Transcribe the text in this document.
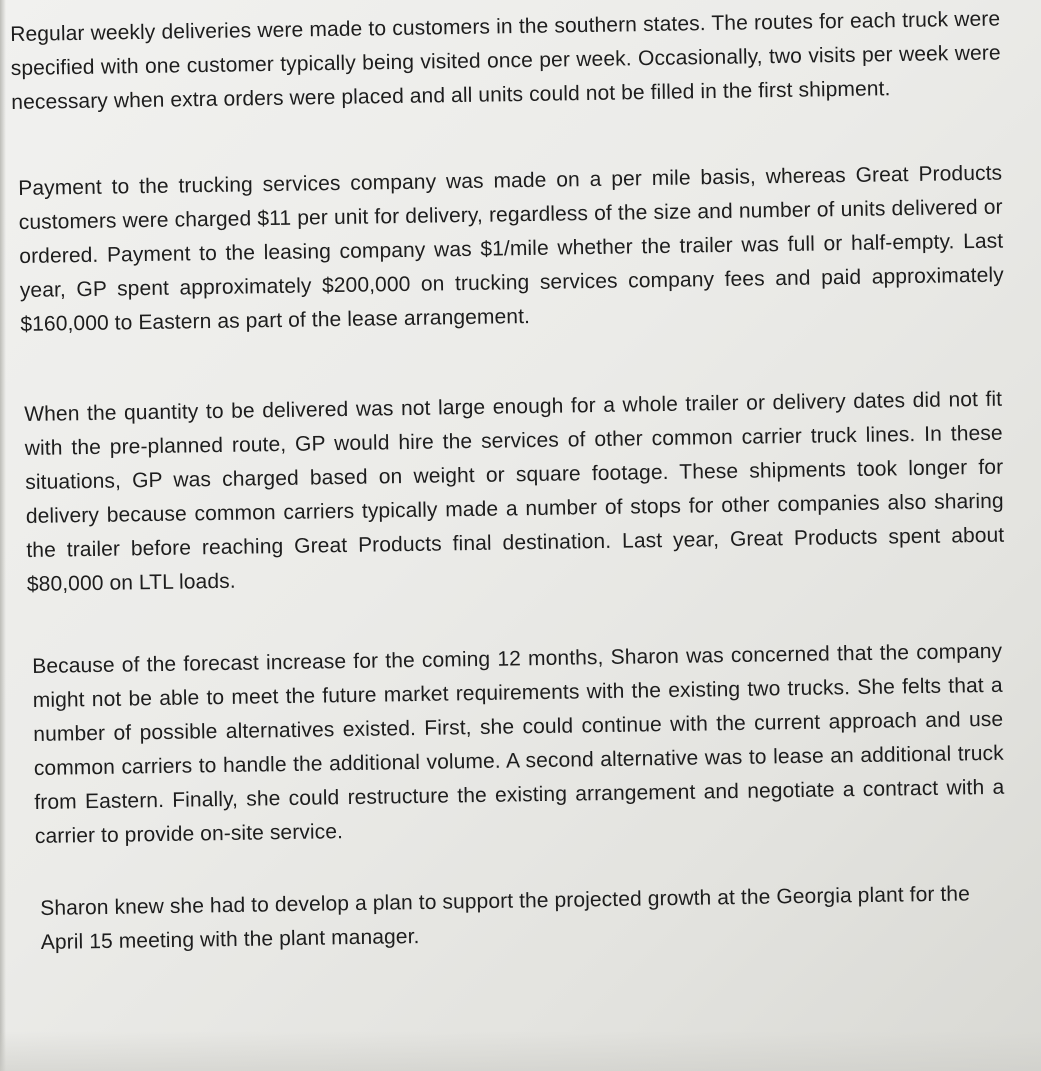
Regular weekly deliveries were made to customers in the southern states. The routes for each truck were specified with one customer typically being visited once per week. Occasionally, two visits per week were necessary when extra orders were placed and all units could not be filled in the first shipment.

Payment to the trucking services company was made on a per mile basis, whereas Great Products customers were charged $11 per unit for delivery, regardless of the size and number of units delivered or ordered. Payment to the leasing company was $1/mile whether the trailer was full or half-empty. Last year, GP spent approximately $200,000 on trucking services company fees and paid approximately $160,000 to Eastern as part of the lease arrangement.

When the quantity to be delivered was not large enough for a whole trailer or delivery dates did not fit with the pre-planned route, GP would hire the services of other common carrier truck lines. In these situations, GP was charged based on weight or square footage. These shipments took longer for delivery because common carriers typically made a number of stops for other companies also sharing the trailer before reaching Great Products final destination. Last year, Great Products spent about $80,000 on LTL loads.

Because of the forecast increase for the coming 12 months, Sharon was concerned that the company might not be able to meet the future market requirements with the existing two trucks. She felts that a number of possible alternatives existed. First, she could continue with the current approach and use common carriers to handle the additional volume. A second alternative was to lease an additional truck from Eastern. Finally, she could restructure the existing arrangement and negotiate a contract with a carrier to provide on-site service.

Sharon knew she had to develop a plan to support the projected growth at the Georgia plant for the April 15 meeting with the plant manager.
